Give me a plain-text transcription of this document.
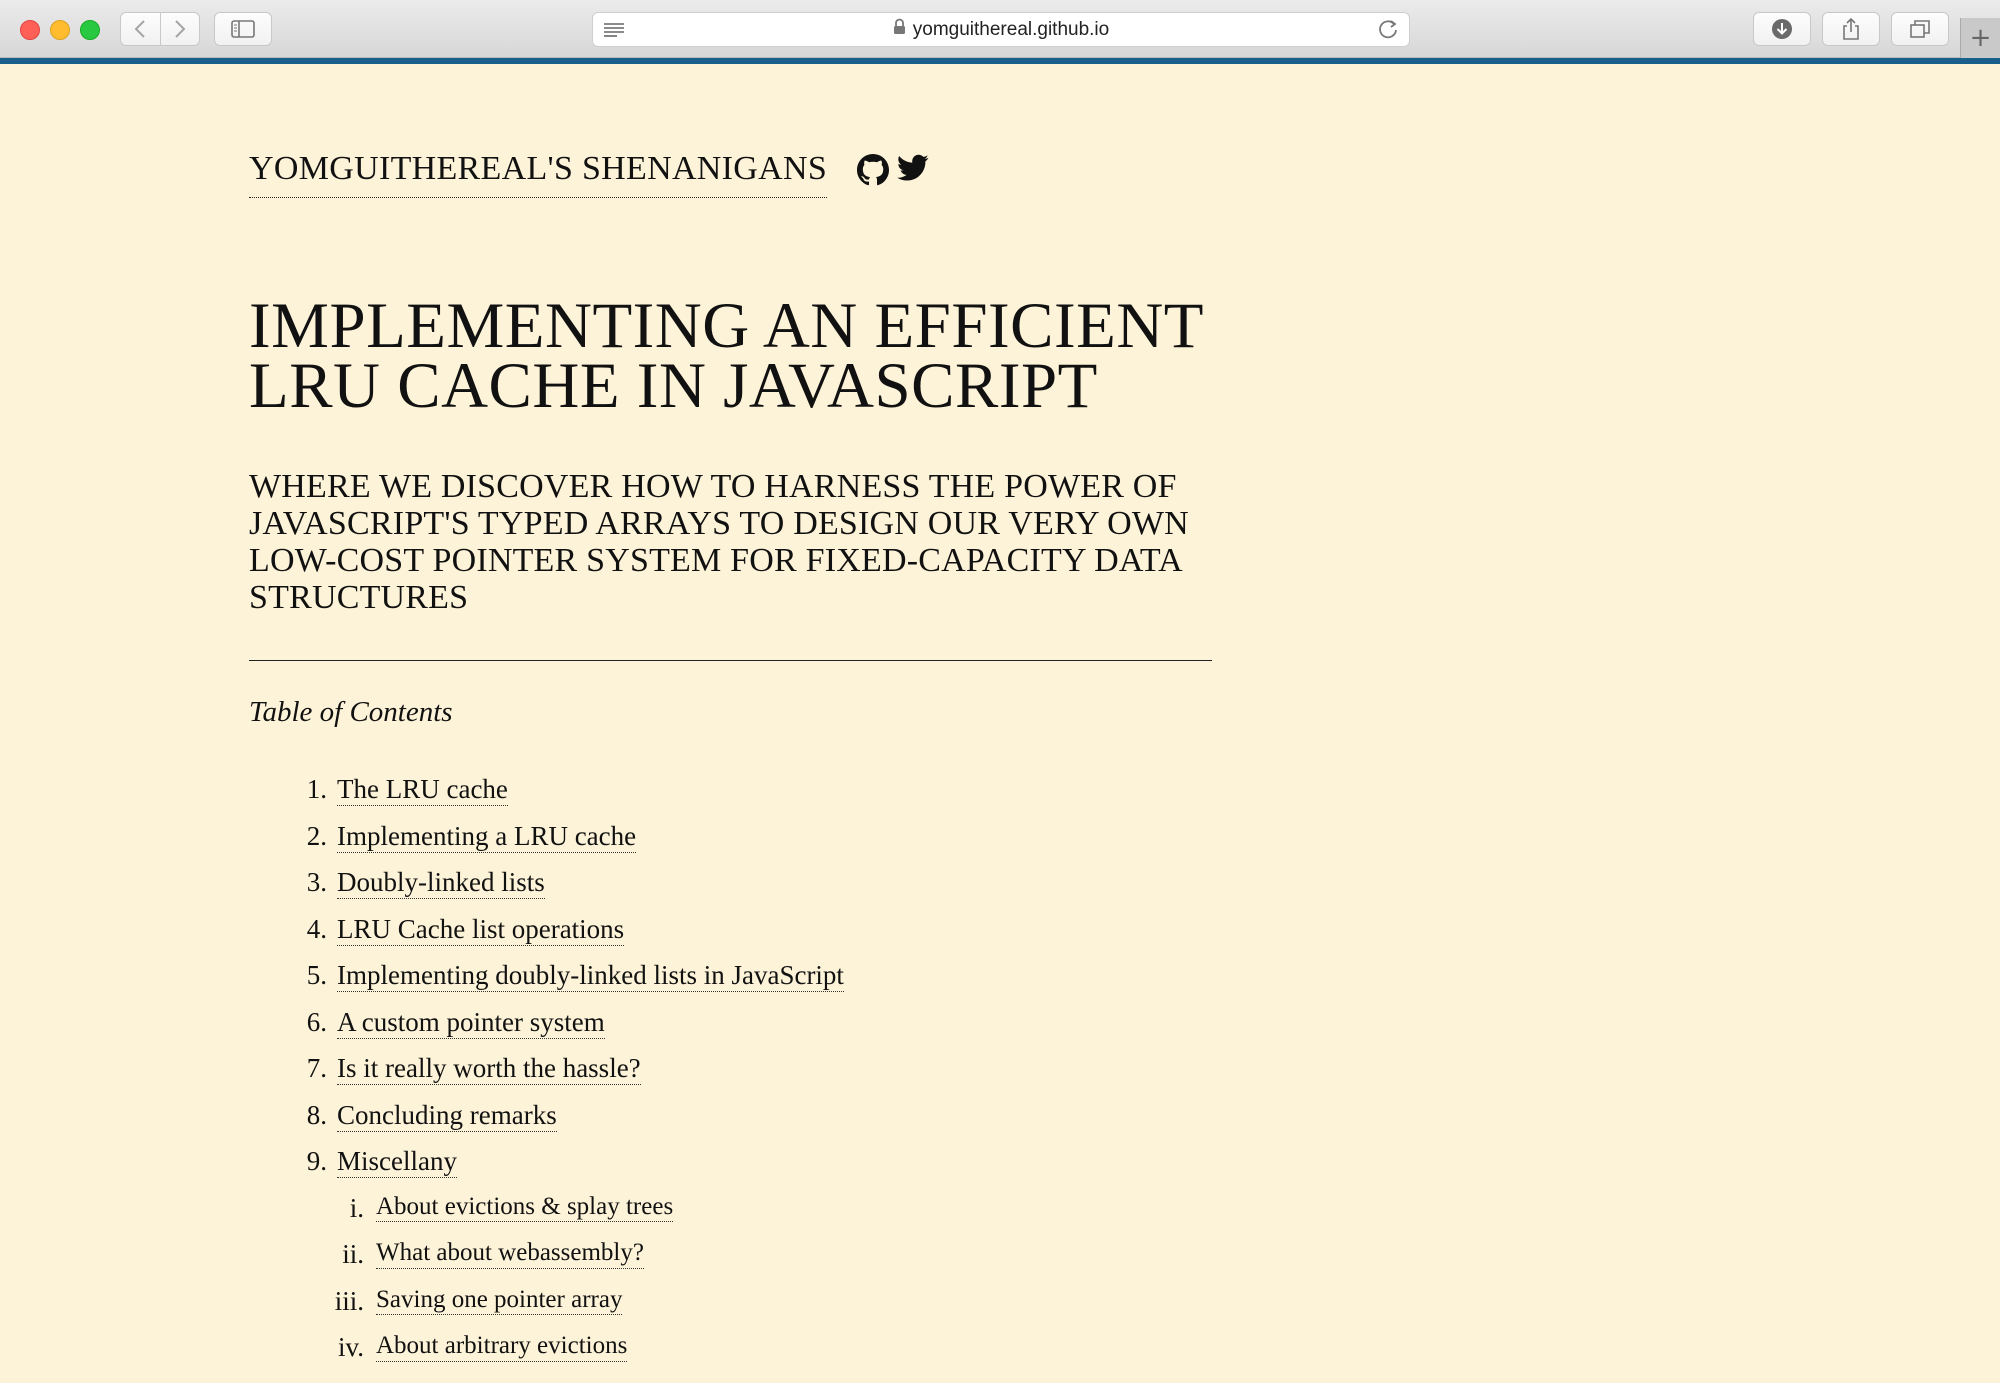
yomguithereal.github.io	+
YOMGUITHEREAL'S SHENANIGANS
IMPLEMENTING AN EFFICIENT LRU CACHE IN JAVASCRIPT
WHERE WE DISCOVER HOW TO HARNESS THE POWER OF JAVASCRIPT'S TYPED ARRAYS TO DESIGN OUR VERY OWN LOW-COST POINTER SYSTEM FOR FIXED-CAPACITY DATA STRUCTURES
Table of Contents
1. The LRU cache
2. Implementing a LRU cache
3. Doubly-linked lists
4. LRU Cache list operations
5. Implementing doubly-linked lists in JavaScript
6. A custom pointer system
7. Is it really worth the hassle?
8. Concluding remarks
9. Miscellany
i. About evictions & splay trees
ii. What about webassembly?
iii. Saving one pointer array
iv. About arbitrary evictions
